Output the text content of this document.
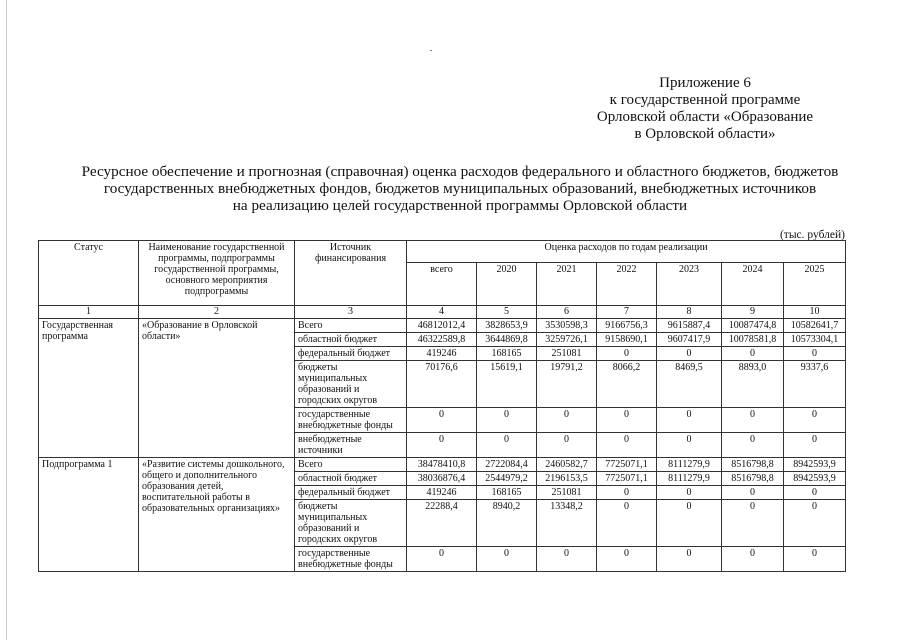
Приложение 6
к государственной программе
Орловской области «Образование
в Орловской области»
Ресурсное обеспечение и прогнозная (справочная) оценка расходов федерального и областного бюджетов, бюджетов
государственных внебюджетных фондов, бюджетов муниципальных образований, внебюджетных источников
на реализацию целей государственной программы Орловской области
(тыс. рублей)
Статус	Наименование государственной программы, подпрограммы государственной программы, основного мероприятия подпрограммы	Источник финансирования	Оценка расходов по годам реализации						
			всего	2020	2021	2022	2023	2024	2025
1	2	3	4	5	6	7	8	9	10
Государственная программа	«Образование в Орловской области»	Всего	46812012,4	3828653,9	3530598,3	9166756,3	9615887,4	10087474,8	10582641,7
		областной бюджет	46322589,8	3644869,8	3259726,1	9158690,1	9607417,9	10078581,8	10573304,1
		федеральный бюджет	419246	168165	251081	0	0	0	0
		бюджеты муниципальных образований и городских округов	70176,6	15619,1	19791,2	8066,2	8469,5	8893,0	9337,6
		государственные внебюджетные фонды	0	0	0	0	0	0	0
		внебюджетные источники	0	0	0	0	0	0	0
Подпрограмма 1	«Развитие системы дошкольного, общего и дополнительного образования детей, воспитательной работы в образовательных организациях»	Всего	38478410,8	2722084,4	2460582,7	7725071,1	8111279,9	8516798,8	8942593,9
		областной бюджет	38036876,4	2544979,2	2196153,5	7725071,1	8111279,9	8516798,8	8942593,9
		федеральный бюджет	419246	168165	251081	0	0	0	0
		бюджеты муниципальных образований и городских округов	22288,4	8940,2	13348,2	0	0	0	0
		государственные внебюджетные фонды	0	0	0	0	0	0	0
